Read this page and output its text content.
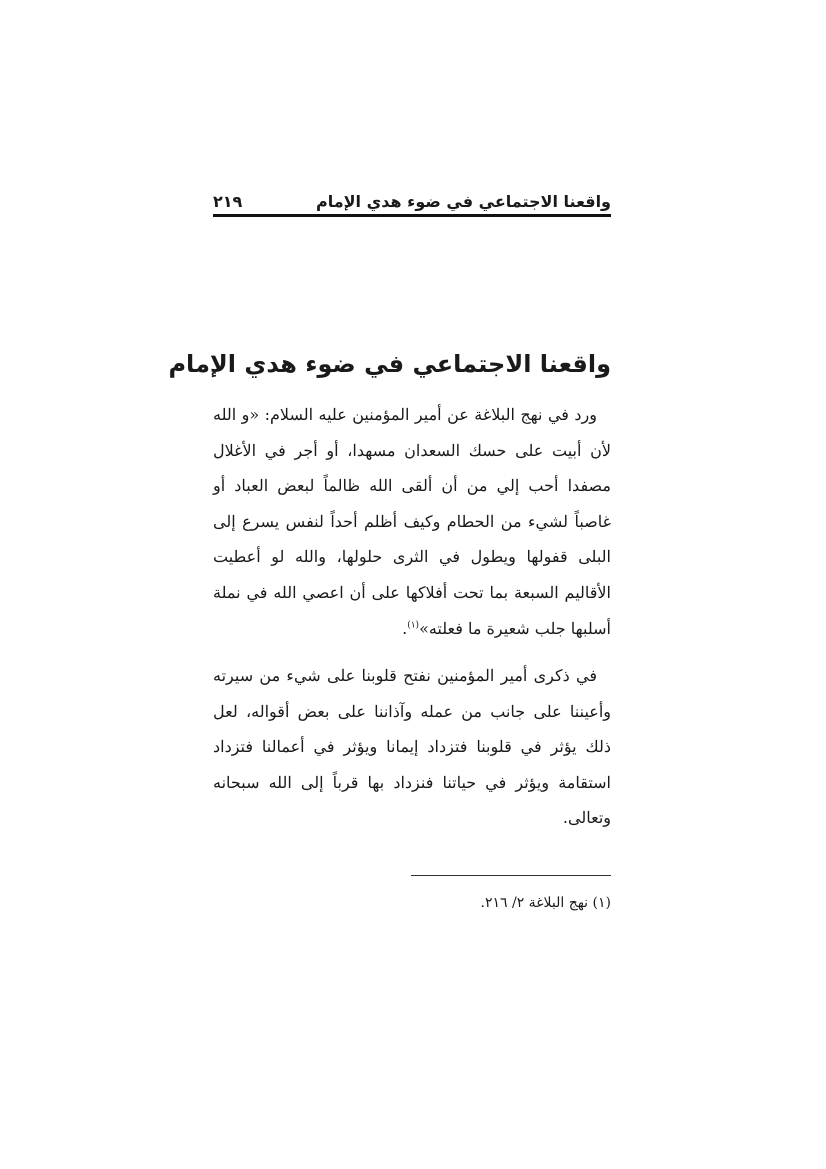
واقعنا الاجتماعي في ضوء هدي الإمام
٢١٩
واقعنا الاجتماعي في ضوء هدي الإمام
ورد في نهج البلاغة عن أمير المؤمنين عليه السلام: «و الله لأن أبيت على حسك السعدان مسهدا، أو أجر في الأغلال مصفدا أحب إلي من أن ألقى الله ظالماً لبعض العباد أو غاصباً لشيء من الحطام وكيف أظلم أحداً لنفس يسرع إلى البلى قفولها ويطول في الثرى حلولها، والله لو أعطيت الأقاليم السبعة بما تحت أفلاكها على أن اعصي الله في نملة أسلبها جلب شعيرة ما فعلته»$^{(١)}$.
في ذكرى أمير المؤمنين نفتح قلوبنا على شيء من سيرته وأعيننا على جانب من عمله وآذاننا على بعض أقواله، لعل ذلك يؤثر في قلوبنا فتزداد إيمانا ويؤثر في أعمالنا فتزداد استقامة ويؤثر في حياتنا فنزداد بها قرباً إلى الله سبحانه وتعالى.
(١) نهج البلاغة ٢/ ٢١٦.
